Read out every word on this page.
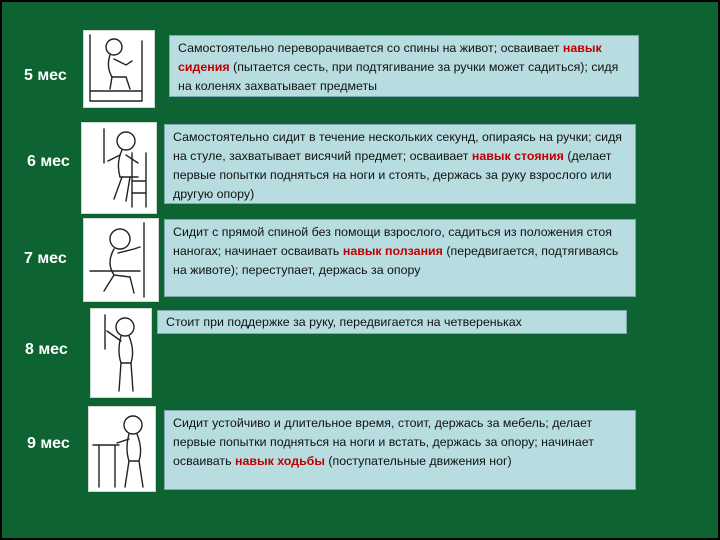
5 мес
Самостоятельно переворачивается со спины на живот; осваивает навык сидения (пытается сесть, при подтягивание за ручки может садиться); сидя на коленях захватывает предметы
6 мес
Самостоятельно сидит в течение нескольких секунд, опираясь на ручки; сидя на стуле, захватывает висячий предмет; осваивает навык стояния (делает первые попытки подняться на ноги и стоять, держась за руку взрослого или другую опору)
7 мес
Сидит с прямой спиной без помощи взрослого, садиться из положения стоя наногах; начинает осваивать навык ползания (передвигается, подтягиваясь на животе); переступает, держась за опору
8 мес
Стоит при поддержке за руку, передвигается на четвереньках
9 мес
Сидит устойчиво и длительное время, стоит, держась за мебель; делает первые попытки подняться на ноги и встать, держась за опору; начинает осваивать навык ходьбы (поступательные движения ног)
